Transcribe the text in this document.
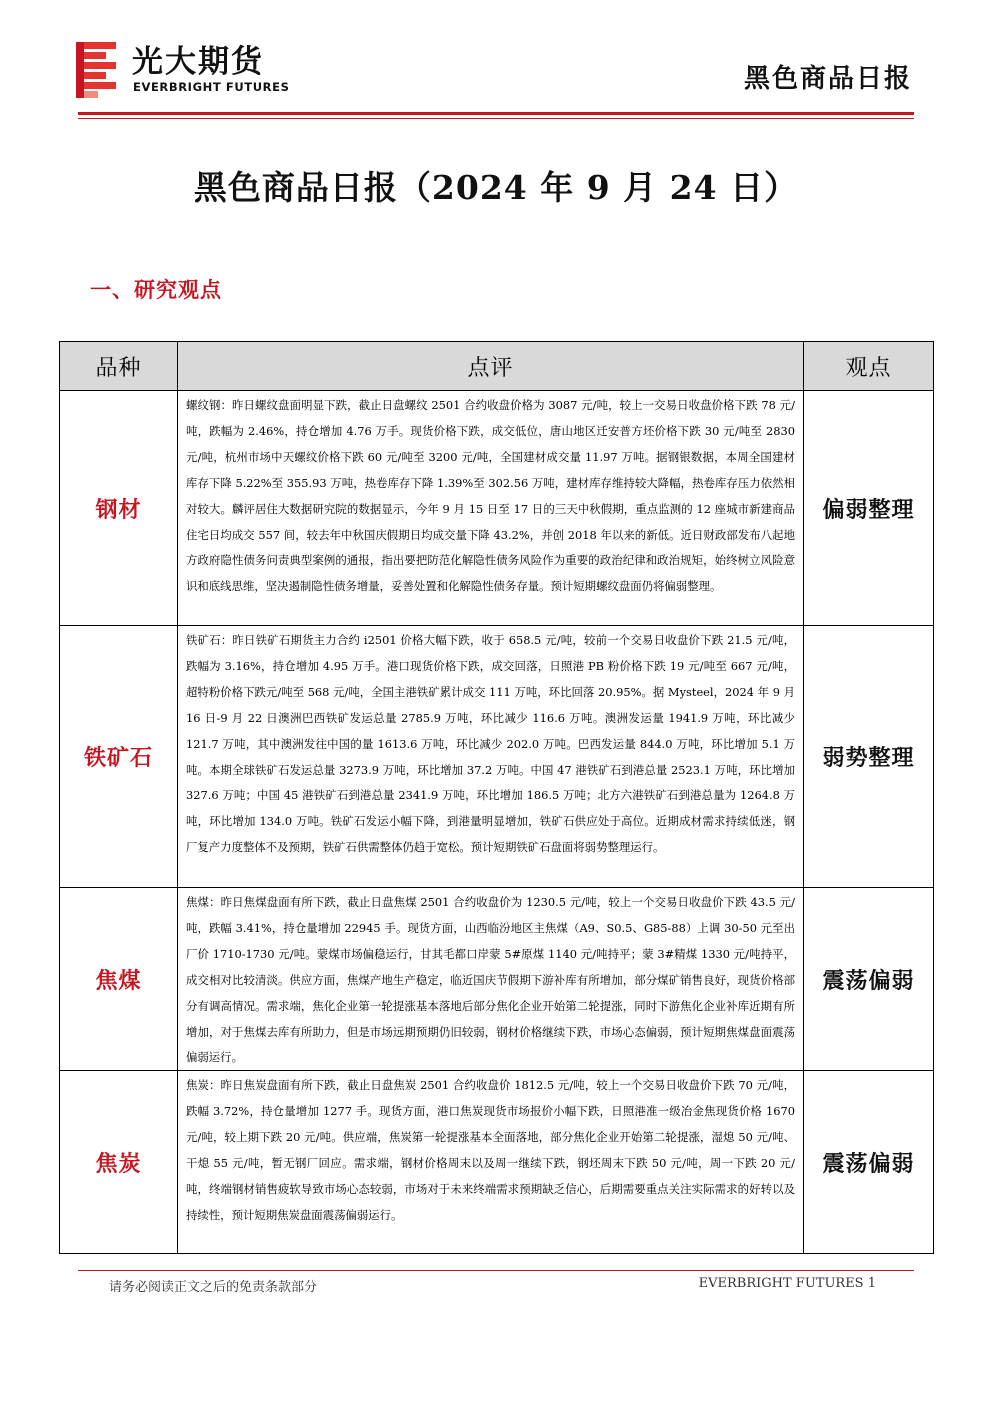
光大期货
EVERBRIGHT FUTURES	黑色商品日报
黑色商品日报（2024 年 9 月 24 日）
一、研究观点
品种	点评	观点
钢材	螺纹钢：昨日螺纹盘面明显下跌，截止日盘螺纹 2501 合约收盘价格为 3087 元/吨，较上一交易日收盘价格下跌 78 元/吨，跌幅为 2.46%，持仓增加 4.76 万手。现货价格下跌，成交低位，唐山地区迁安普方坯价格下跌 30 元/吨至 2830 元/吨，杭州市场中天螺纹价格下跌 60 元/吨至 3200 元/吨，全国建材成交量 11.97 万吨。据钢银数据，本周全国建材库存下降 5.22%至 355.93 万吨，热卷库存下降 1.39%至 302.56 万吨，建材库存维持较大降幅，热卷库存压力依然相对较大。麟评居住大数据研究院的数据显示，今年 9 月 15 日至 17 日的三天中秋假期，重点监测的 12 座城市新建商品住宅日均成交 557 间，较去年中秋国庆假期日均成交量下降 43.2%，并创 2018 年以来的新低。近日财政部发布八起地方政府隐性债务问责典型案例的通报，指出要把防范化解隐性债务风险作为重要的政治纪律和政治规矩，始终树立风险意识和底线思维，坚决遏制隐性债务增量，妥善处置和化解隐性债务存量。预计短期螺纹盘面仍将偏弱整理。	偏弱整理
铁矿石	铁矿石：昨日铁矿石期货主力合约 i2501 价格大幅下跌，收于 658.5 元/吨，较前一个交易日收盘价下跌 21.5 元/吨，跌幅为 3.16%，持仓增加 4.95 万手。港口现货价格下跌，成交回落，日照港 PB 粉价格下跌 19 元/吨至 667 元/吨，超特粉价格下跌元/吨至 568 元/吨，全国主港铁矿累计成交 111 万吨，环比回落 20.95%。据 Mysteel，2024 年 9 月 16 日-9 月 22 日澳洲巴西铁矿发运总量 2785.9 万吨，环比减少 116.6 万吨。澳洲发运量 1941.9 万吨，环比减少 121.7 万吨，其中澳洲发往中国的量 1613.6 万吨，环比减少 202.0 万吨。巴西发运量 844.0 万吨，环比增加 5.1 万吨。本期全球铁矿石发运总量 3273.9 万吨，环比增加 37.2 万吨。中国 47 港铁矿石到港总量 2523.1 万吨，环比增加 327.6 万吨；中国 45 港铁矿石到港总量 2341.9 万吨，环比增加 186.5 万吨；北方六港铁矿石到港总量为 1264.8 万吨，环比增加 134.0 万吨。铁矿石发运小幅下降，到港量明显增加，铁矿石供应处于高位。近期成材需求持续低迷，钢厂复产力度整体不及预期，铁矿石供需整体仍趋于宽松。预计短期铁矿石盘面将弱势整理运行。	弱势整理
焦煤	焦煤：昨日焦煤盘面有所下跌，截止日盘焦煤 2501 合约收盘价为 1230.5 元/吨，较上一个交易日收盘价下跌 43.5 元/吨，跌幅 3.41%，持仓量增加 22945 手。现货方面，山西临汾地区主焦煤（A9、S0.5、G85-88）上调 30-50 元至出厂价 1710-1730 元/吨。蒙煤市场偏稳运行，甘其毛都口岸蒙 5#原煤 1140 元/吨持平；蒙 3#精煤 1330 元/吨持平，成交相对比较清淡。供应方面，焦煤产地生产稳定，临近国庆节假期下游补库有所增加，部分煤矿销售良好，现货价格部分有调高情况。需求端，焦化企业第一轮提涨基本落地后部分焦化企业开始第二轮提涨，同时下游焦化企业补库近期有所增加，对于焦煤去库有所助力，但是市场远期预期仍旧较弱，钢材价格继续下跌，市场心态偏弱，预计短期焦煤盘面震荡偏弱运行。	震荡偏弱
焦炭	焦炭：昨日焦炭盘面有所下跌，截止日盘焦炭 2501 合约收盘价 1812.5 元/吨，较上一个交易日收盘价下跌 70 元/吨，跌幅 3.72%，持仓量增加 1277 手。现货方面，港口焦炭现货市场报价小幅下跌，日照港准一级冶金焦现货价格 1670 元/吨，较上期下跌 20 元/吨。供应端，焦炭第一轮提涨基本全面落地，部分焦化企业开始第二轮提涨，湿熄 50 元/吨、干熄 55 元/吨，暂无钢厂回应。需求端，钢材价格周末以及周一继续下跌，钢坯周末下跌 50 元/吨，周一下跌 20 元/吨，终端钢材销售疲软导致市场心态较弱，市场对于未来终端需求预期缺乏信心，后期需要重点关注实际需求的好转以及持续性，预计短期焦炭盘面震荡偏弱运行。	震荡偏弱
请务必阅读正文之后的免责条款部分	EVERBRIGHT FUTURES 1
